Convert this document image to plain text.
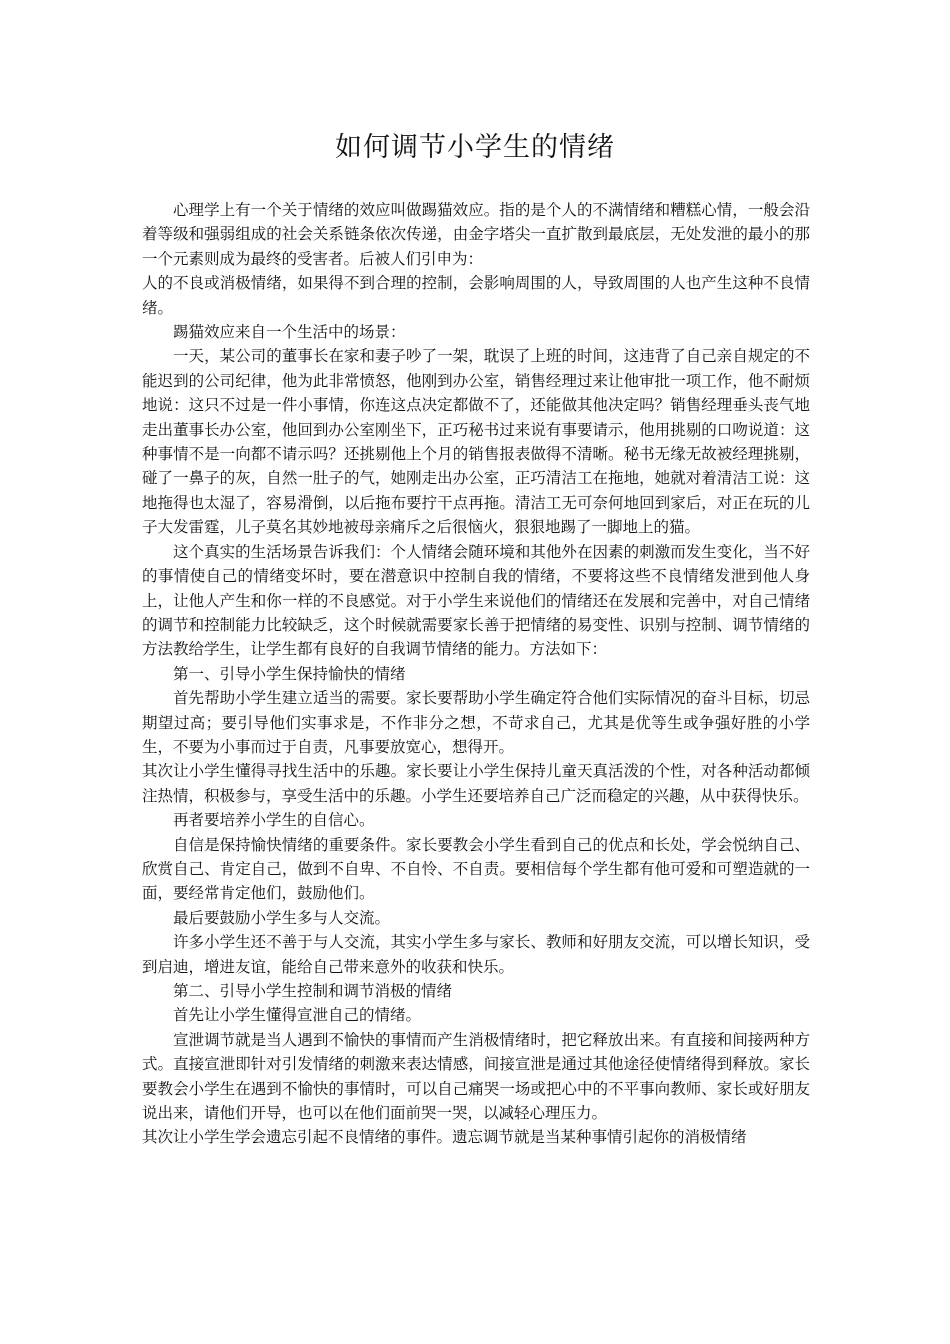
如何调节小学生的情绪

心理学上有一个关于情绪的效应叫做踢猫效应。指的是个人的不满情绪和糟糕心情，一般会沿着等级和强弱组成的社会关系链条依次传递，由金字塔尖一直扩散到最底层，无处发泄的最小的那一个元素则成为最终的受害者。后被人们引申为：

人的不良或消极情绪，如果得不到合理的控制，会影响周围的人，导致周围的人也产生这种不良情绪。

踢猫效应来自一个生活中的场景：

一天，某公司的董事长在家和妻子吵了一架，耽误了上班的时间，这违背了自己亲自规定的不能迟到的公司纪律，他为此非常愤怒，他刚到办公室，销售经理过来让他审批一项工作，他不耐烦地说：这只不过是一件小事情，你连这点决定都做不了，还能做其他决定吗？销售经理垂头丧气地走出董事长办公室，他回到办公室刚坐下，正巧秘书过来说有事要请示，他用挑剔的口吻说道：这种事情不是一向都不请示吗？还挑剔他上个月的销售报表做得不清晰。秘书无缘无故被经理挑剔，碰了一鼻子的灰，自然一肚子的气，她刚走出办公室，正巧清洁工在拖地，她就对着清洁工说：这地拖得也太湿了，容易滑倒，以后拖布要拧干点再拖。清洁工无可奈何地回到家后，对正在玩的儿子大发雷霆，儿子莫名其妙地被母亲痛斥之后很恼火，狠狠地踢了一脚地上的猫。

这个真实的生活场景告诉我们：个人情绪会随环境和其他外在因素的刺激而发生变化，当不好的事情使自己的情绪变坏时，要在潜意识中控制自我的情绪，不要将这些不良情绪发泄到他人身上，让他人产生和你一样的不良感觉。对于小学生来说他们的情绪还在发展和完善中，对自己情绪的调节和控制能力比较缺乏，这个时候就需要家长善于把情绪的易变性、识别与控制、调节情绪的方法教给学生，让学生都有良好的自我调节情绪的能力。方法如下：

第一、引导小学生保持愉快的情绪

首先帮助小学生建立适当的需要。家长要帮助小学生确定符合他们实际情况的奋斗目标，切忌期望过高；要引导他们实事求是，不作非分之想，不苛求自己，尤其是优等生或争强好胜的小学生，不要为小事而过于自责，凡事要放宽心，想得开。

其次让小学生懂得寻找生活中的乐趣。家长要让小学生保持儿童天真活泼的个性，对各种活动都倾注热情，积极参与，享受生活中的乐趣。小学生还要培养自己广泛而稳定的兴趣，从中获得快乐。

再者要培养小学生的自信心。

自信是保持愉快情绪的重要条件。家长要教会小学生看到自己的优点和长处，学会悦纳自己、欣赏自己、肯定自己，做到不自卑、不自怜、不自责。要相信每个学生都有他可爱和可塑造就的一面，要经常肯定他们，鼓励他们。

最后要鼓励小学生多与人交流。

许多小学生还不善于与人交流，其实小学生多与家长、教师和好朋友交流，可以增长知识，受到启迪，增进友谊，能给自己带来意外的收获和快乐。

第二、引导小学生控制和调节消极的情绪

首先让小学生懂得宣泄自己的情绪。

宣泄调节就是当人遇到不愉快的事情而产生消极情绪时，把它释放出来。有直接和间接两种方式。直接宣泄即针对引发情绪的刺激来表达情感，间接宣泄是通过其他途径使情绪得到释放。家长要教会小学生在遇到不愉快的事情时，可以自己痛哭一场或把心中的不平事向教师、家长或好朋友说出来，请他们开导，也可以在他们面前哭一哭，以减轻心理压力。

其次让小学生学会遗忘引起不良情绪的事件。遗忘调节就是当某种事情引起你的消极情绪
